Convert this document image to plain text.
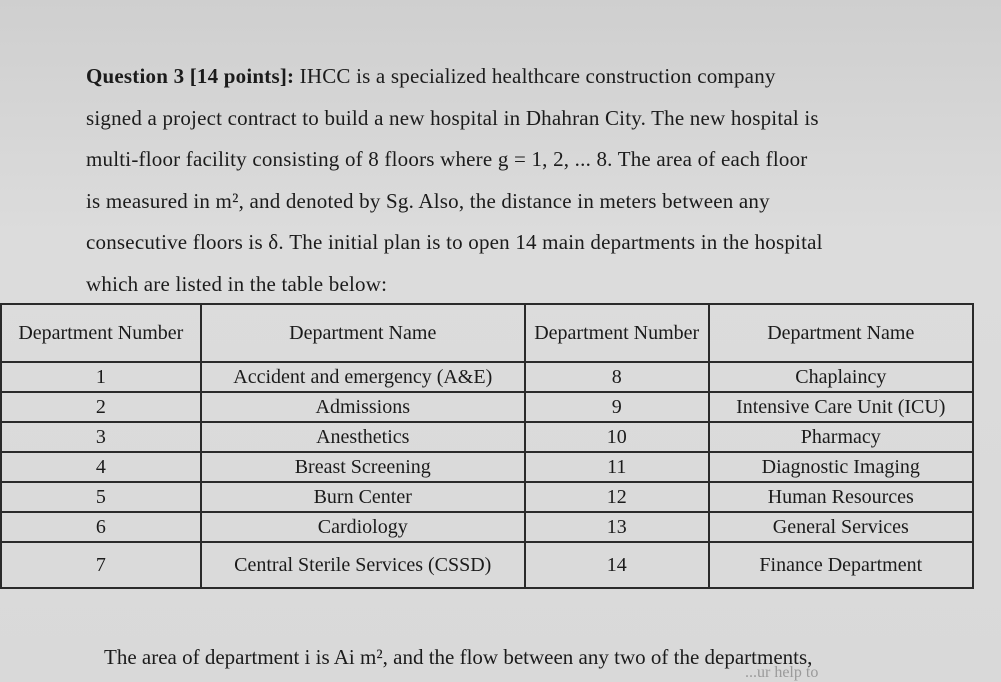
Question 3 [14 points]: IHCC is a specialized healthcare construction company
signed a project contract to build a new hospital in Dhahran City. The new hospital is
multi-floor facility consisting of 8 floors where g = 1, 2, ... 8. The area of each floor
is measured in m², and denoted by Sg. Also, the distance in meters between any
consecutive floors is δ. The initial plan is to open 14 main departments in the hospital
which are listed in the table below:
Department Number	Department Name	Department Number	Department Name
1	Accident and emergency (A&E)	8	Chaplaincy
2	Admissions	9	Intensive Care Unit (ICU)
3	Anesthetics	10	Pharmacy
4	Breast Screening	11	Diagnostic Imaging
5	Burn Center	12	Human Resources
6	Cardiology	13	General Services
7	Central Sterile Services (CSSD)	14	Finance Department
The area of department i is Ai m², and the flow between any two of the departments,
...ur help to
